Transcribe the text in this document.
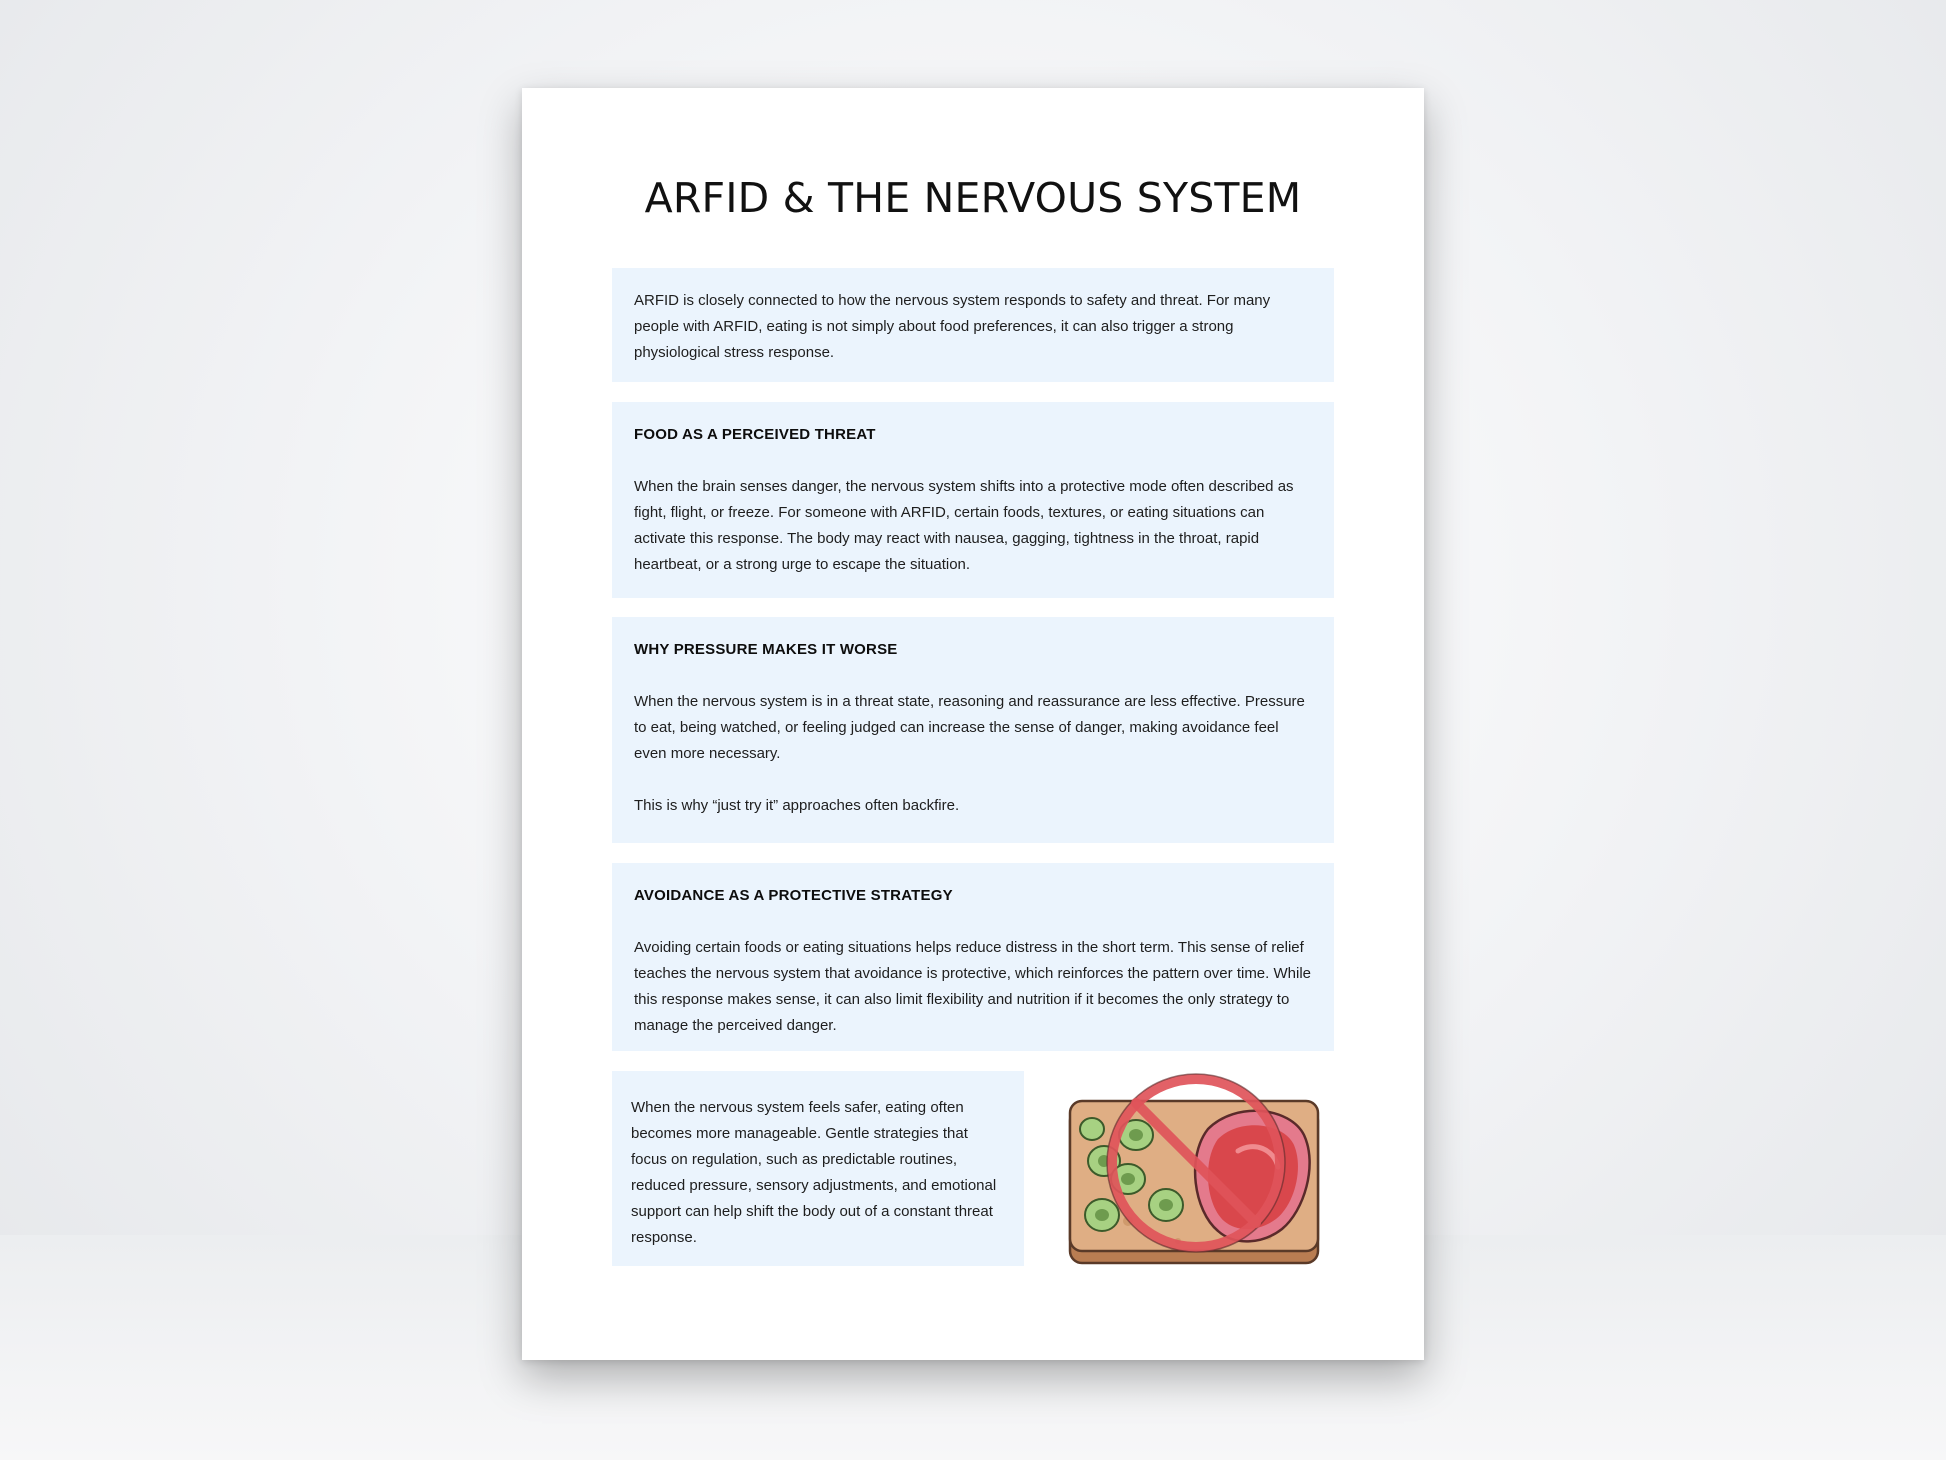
ARFID & THE NERVOUS SYSTEM

ARFID is closely connected to how the nervous system responds to safety and threat. For many people with ARFID, eating is not simply about food preferences, it can also trigger a strong physiological stress response.

FOOD AS A PERCEIVED THREAT

When the brain senses danger, the nervous system shifts into a protective mode often described as fight, flight, or freeze. For someone with ARFID, certain foods, textures, or eating situations can activate this response. The body may react with nausea, gagging, tightness in the throat, rapid heartbeat, or a strong urge to escape the situation.

WHY PRESSURE MAKES IT WORSE

When the nervous system is in a threat state, reasoning and reassurance are less effective. Pressure to eat, being watched, or feeling judged can increase the sense of danger, making avoidance feel even more necessary.

This is why “just try it” approaches often backfire.

AVOIDANCE AS A PROTECTIVE STRATEGY

Avoiding certain foods or eating situations helps reduce distress in the short term. This sense of relief teaches the nervous system that avoidance is protective, which reinforces the pattern over time. While this response makes sense, it can also limit flexibility and nutrition if it becomes the only strategy to manage the perceived danger.

When the nervous system feels safer, eating often becomes more manageable. Gentle strategies that focus on regulation, such as predictable routines, reduced pressure, sensory adjustments, and emotional support can help shift the body out of a constant threat response.
